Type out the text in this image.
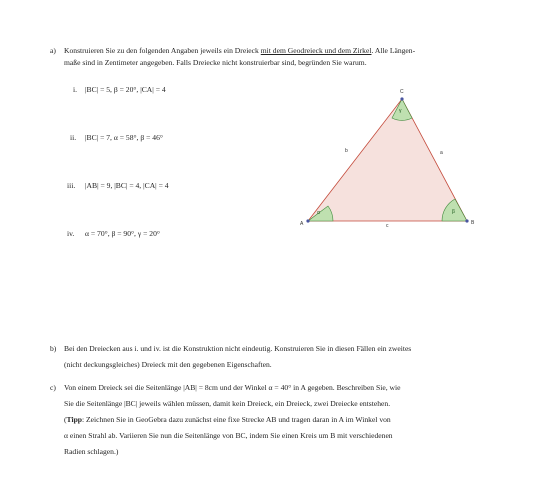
a) Konstruieren Sie zu den folgenden Angaben jeweils ein Dreieck mit dem Geodreieck und dem Zirkel. Alle Längen-
maße sind in Zentimeter angegeben. Falls Dreiecke nicht konstruierbar sind, begründen Sie warum.
i. |BC| = 5, β = 20°, |CA| = 4
ii. |BC| = 7, α = 58°, β = 46°
iii. |AB| = 9, |BC| = 4, |CA| = 4
iv. α = 70°, β = 90°, γ = 20°
A	B
C
b	a
c
α	β
γ
b) Bei den Dreiecken aus i. und iv. ist die Konstruktion nicht eindeutig. Konstruieren Sie in diesen Fällen ein zweites
(nicht deckungsgleiches) Dreieck mit den gegebenen Eigenschaften.
c) Von einem Dreieck sei die Seitenlänge |AB| = 8cm und der Winkel α = 40° in A gegeben. Beschreiben Sie, wie
Sie die Seitenlänge |BC| jeweils wählen müssen, damit kein Dreieck, ein Dreieck, zwei Dreiecke entstehen.
(Tipp: Zeichnen Sie in GeoGebra dazu zunächst eine fixe Strecke AB und tragen daran in A im Winkel von
α einen Strahl ab. Variieren Sie nun die Seitenlänge von BC, indem Sie einen Kreis um B mit verschiedenen
Radien schlagen.)
